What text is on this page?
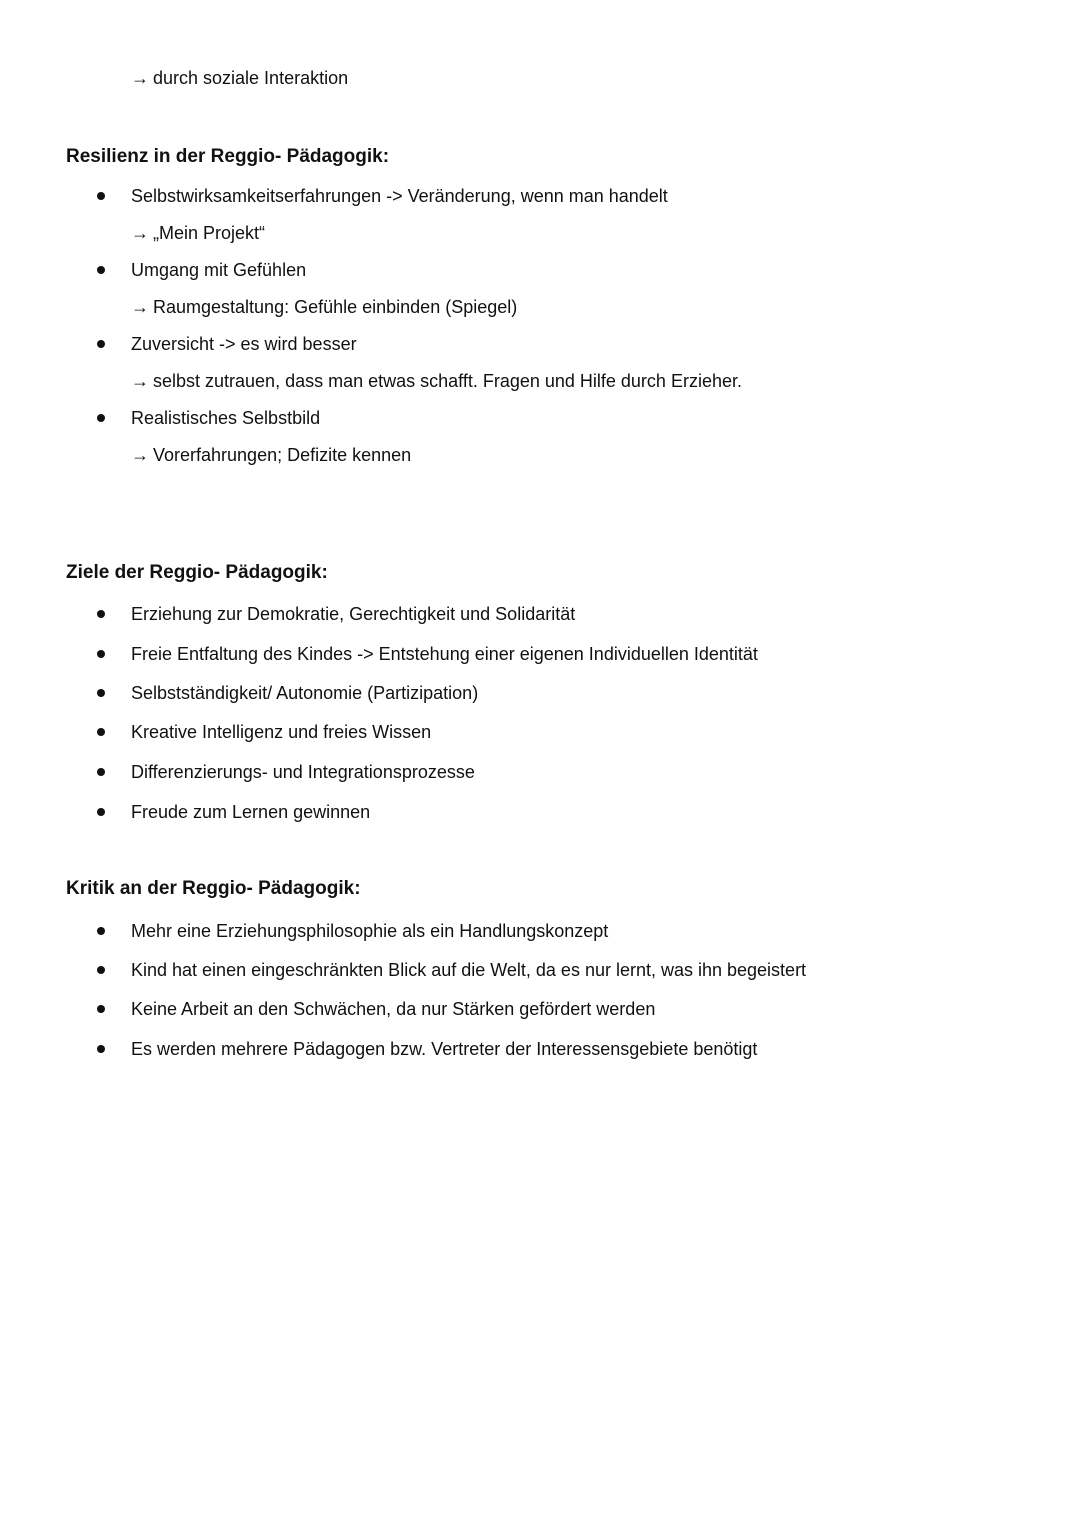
→ durch soziale Interaktion
Resilienz in der Reggio- Pädagogik:
Selbstwirksamkeitserfahrungen -> Veränderung, wenn man handelt
→ „Mein Projekt“
Umgang mit Gefühlen
→ Raumgestaltung: Gefühle einbinden (Spiegel)
Zuversicht -> es wird besser
→ selbst zutrauen, dass man etwas schafft. Fragen und Hilfe durch Erzieher.
Realistisches Selbstbild
→ Vorerfahrungen; Defizite kennen
Ziele der Reggio- Pädagogik:
Erziehung zur Demokratie, Gerechtigkeit und Solidarität
Freie Entfaltung des Kindes -> Entstehung einer eigenen Individuellen Identität
Selbstständigkeit/ Autonomie (Partizipation)
Kreative Intelligenz und freies Wissen
Differenzierungs- und Integrationsprozesse
Freude zum Lernen gewinnen
Kritik an der Reggio- Pädagogik:
Mehr eine Erziehungsphilosophie als ein Handlungskonzept
Kind hat einen eingeschränkten Blick auf die Welt, da es nur lernt, was ihn begeistert
Keine Arbeit an den Schwächen, da nur Stärken gefördert werden
Es werden mehrere Pädagogen bzw. Vertreter der Interessensgebiete benötigt
